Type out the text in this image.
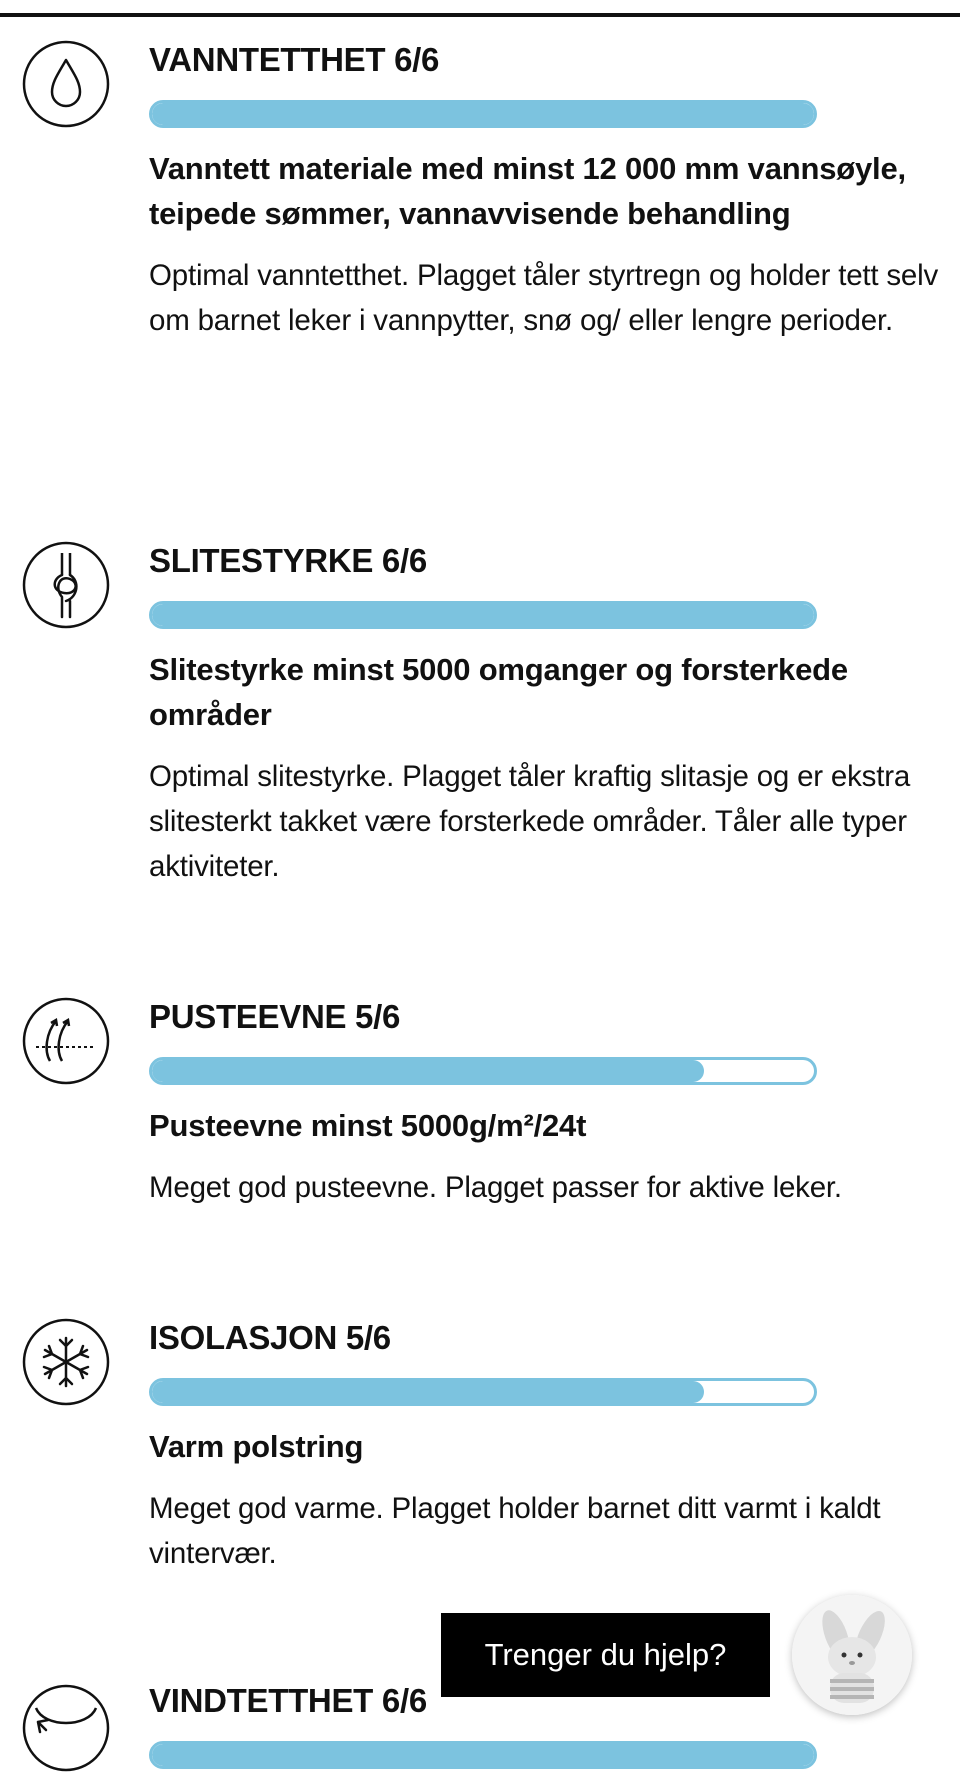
VANNTETTHET 6/6
Vanntett materiale med minst 12 000 mm vannsøyle, teipede sømmer, vannavvisende behandling
Optimal vanntetthet. Plagget tåler styrtregn og holder tett selv om barnet leker i vannpytter, snø og/ eller lengre perioder.
SLITESTYRKE 6/6
Slitestyrke minst 5000 omganger og forsterkede områder
Optimal slitestyrke. Plagget tåler kraftig slitasje og er ekstra slitesterkt takket være forsterkede områder. Tåler alle typer aktiviteter.
PUSTEEVNE 5/6
Pusteevne minst 5000g/m²/24t
Meget god pusteevne. Plagget passer for aktive leker.
ISOLASJON 5/6
Varm polstring
Meget god varme. Plagget holder barnet ditt varmt i kaldt vintervær.
VINDTETTHET 6/6
Trenger du hjelp?
